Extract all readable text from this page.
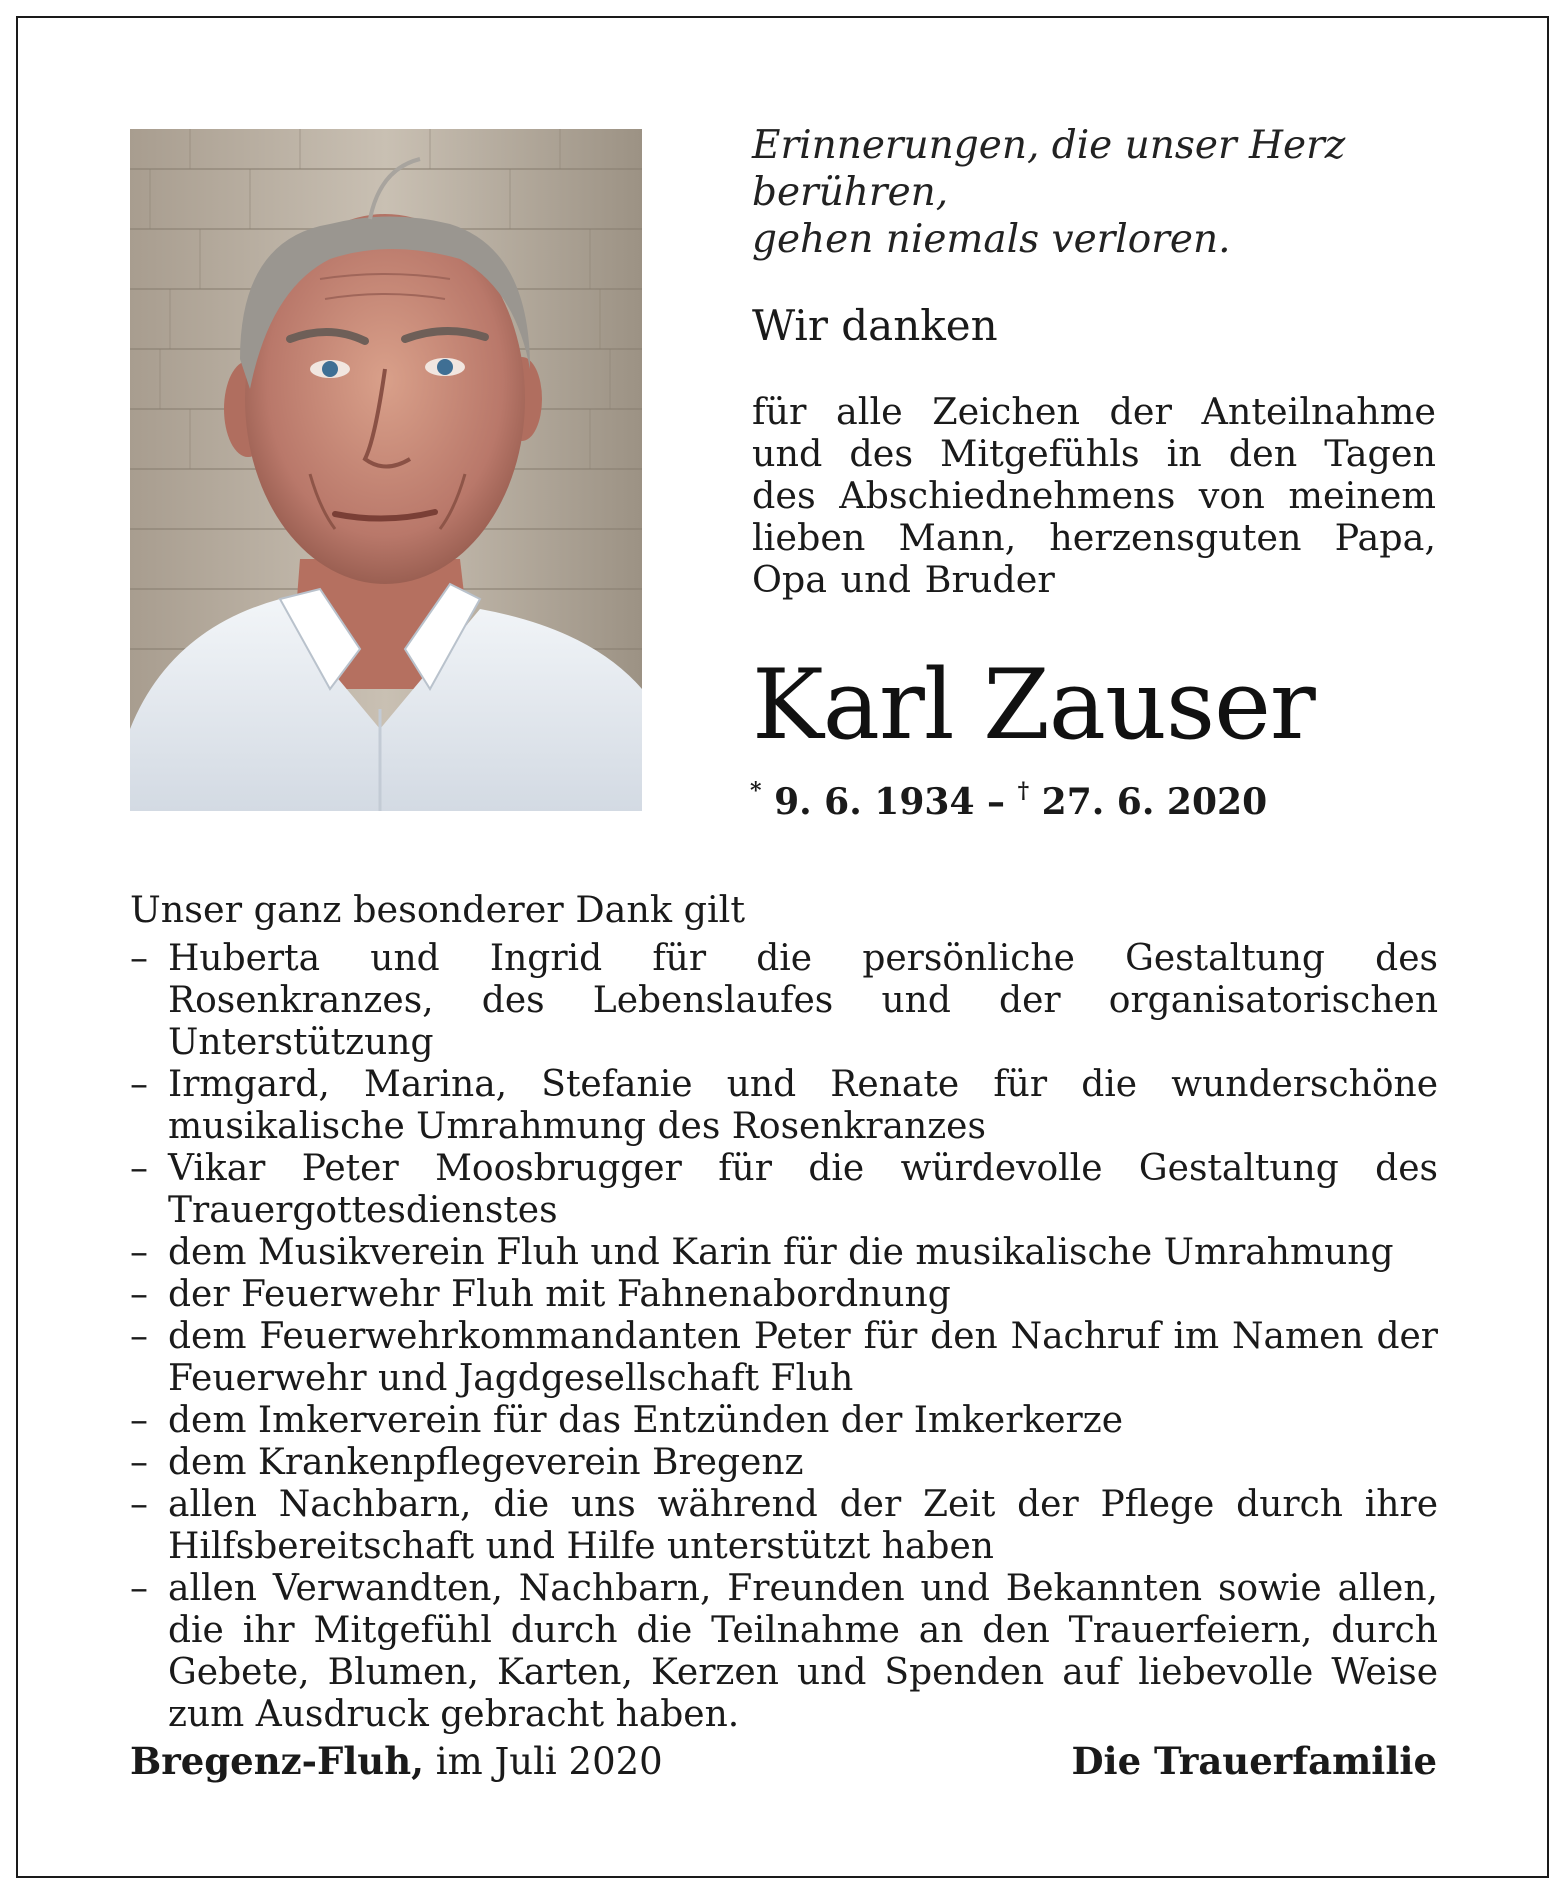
Erinnerungen, die unser Herz berühren,
gehen niemals verloren.
Wir danken
für alle Zeichen der Anteilnahme und des Mitgefühls in den Tagen des Abschiednehmens von meinem lieben Mann, herzensguten Papa, Opa und Bruder
Karl Zauser
* 9. 6. 1934 – † 27. 6. 2020
Unser ganz besonderer Dank gilt
– Huberta und Ingrid für die persönliche Gestaltung des Rosenkranzes, des Lebenslaufes und der organisatorischen Unterstützung
– Irmgard, Marina, Stefanie und Renate für die wunderschöne musikalische Umrahmung des Rosenkranzes
– Vikar Peter Moosbrugger für die würdevolle Gestaltung des Trauergottesdienstes
– dem Musikverein Fluh und Karin für die musikalische Umrahmung
– der Feuerwehr Fluh mit Fahnenabordnung
– dem Feuerwehrkommandanten Peter für den Nachruf im Namen der Feuerwehr und Jagdgesellschaft Fluh
– dem Imkerverein für das Entzünden der Imkerkerze
– dem Krankenpflegeverein Bregenz
– allen Nachbarn, die uns während der Zeit der Pflege durch ihre Hilfsbereitschaft und Hilfe unterstützt haben
– allen Verwandten, Nachbarn, Freunden und Bekannten sowie allen, die ihr Mitgefühl durch die Teilnahme an den Trauerfeiern, durch Gebete, Blumen, Karten, Kerzen und Spenden auf liebevolle Weise zum Ausdruck gebracht haben.
Bregenz-Fluh, im Juli 2020	Die Trauerfamilie
